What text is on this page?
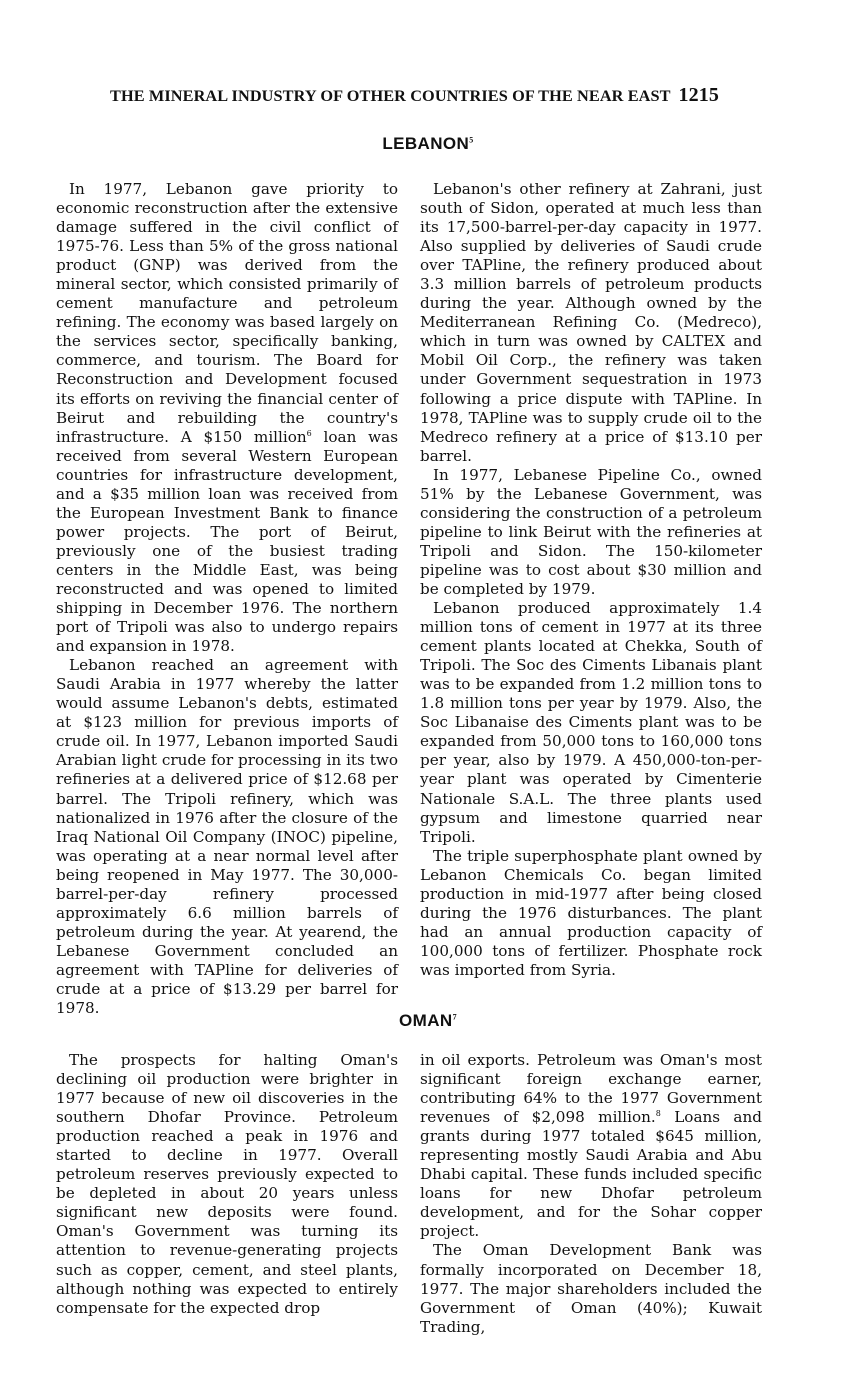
THE MINERAL INDUSTRY OF OTHER COUNTRIES OF THE NEAR EAST 1215
LEBANON$^5$

In 1977, Lebanon gave priority to economic reconstruction after the extensive damage suffered in the civil conflict of 1975-76. Less than 5% of the gross national product (GNP) was derived from the mineral sector, which consisted primarily of cement manufacture and petroleum refining. The economy was based largely on the services sector, specifically banking, commerce, and tourism. The Board for Reconstruction and Development focused its efforts on reviving the financial center of Beirut and rebuilding the country's infrastructure. A $150 million$^6$ loan was received from several Western European countries for infrastructure development, and a $35 million loan was received from the European Investment Bank to finance power projects. The port of Beirut, previously one of the busiest trading centers in the Middle East, was being reconstructed and was opened to limited shipping in December 1976. The northern port of Tripoli was also to undergo repairs and expansion in 1978.

Lebanon reached an agreement with Saudi Arabia in 1977 whereby the latter would assume Lebanon's debts, estimated at $123 million for previous imports of crude oil. In 1977, Lebanon imported Saudi Arabian light crude for processing in its two refineries at a delivered price of $12.68 per barrel. The Tripoli refinery, which was nationalized in 1976 after the closure of the Iraq National Oil Company (INOC) pipeline, was operating at a near normal level after being reopened in May 1977. The 30,000-barrel-per-day refinery processed approximately 6.6 million barrels of petroleum during the year. At yearend, the Lebanese Government concluded an agreement with TAPline for deliveries of crude at a price of $13.29 per barrel for 1978.

Lebanon's other refinery at Zahrani, just south of Sidon, operated at much less than its 17,500-barrel-per-day capacity in 1977. Also supplied by deliveries of Saudi crude over TAPline, the refinery produced about 3.3 million barrels of petroleum products during the year. Although owned by the Mediterranean Refining Co. (Medreco), which in turn was owned by CALTEX and Mobil Oil Corp., the refinery was taken under Government sequestration in 1973 following a price dispute with TAPline. In 1978, TAPline was to supply crude oil to the Medreco refinery at a price of $13.10 per barrel.

In 1977, Lebanese Pipeline Co., owned 51% by the Lebanese Government, was considering the construction of a petroleum pipeline to link Beirut with the refineries at Tripoli and Sidon. The 150-kilometer pipeline was to cost about $30 million and be completed by 1979.

Lebanon produced approximately 1.4 million tons of cement in 1977 at its three cement plants located at Chekka, South of Tripoli. The Soc des Ciments Libanais plant was to be expanded from 1.2 million tons to 1.8 million tons per year by 1979. Also, the Soc Libanaise des Ciments plant was to be expanded from 50,000 tons to 160,000 tons per year, also by 1979. A 450,000-ton-per-year plant was operated by Cimenterie Nationale S.A.L. The three plants used gypsum and limestone quarried near Tripoli.

The triple superphosphate plant owned by Lebanon Chemicals Co. began limited production in mid-1977 after being closed during the 1976 disturbances. The plant had an annual production capacity of 100,000 tons of fertilizer. Phosphate rock was imported from Syria.

OMAN$^7$

The prospects for halting Oman's declining oil production were brighter in 1977 because of new oil discoveries in the southern Dhofar Province. Petroleum production reached a peak in 1976 and started to decline in 1977. Overall petroleum reserves previously expected to be depleted in about 20 years unless significant new deposits were found. Oman's Government was turning its attention to revenue-generating projects such as copper, cement, and steel plants, although nothing was expected to entirely compensate for the expected drop

in oil exports. Petroleum was Oman's most significant foreign exchange earner, contributing 64% to the 1977 Government revenues of $2,098 million.$^8$ Loans and grants during 1977 totaled $645 million, representing mostly Saudi Arabia and Abu Dhabi capital. These funds included specific loans for new Dhofar petroleum development, and for the Sohar copper project.

The Oman Development Bank was formally incorporated on December 18, 1977. The major shareholders included the Government of Oman (40%); Kuwait Trading,
